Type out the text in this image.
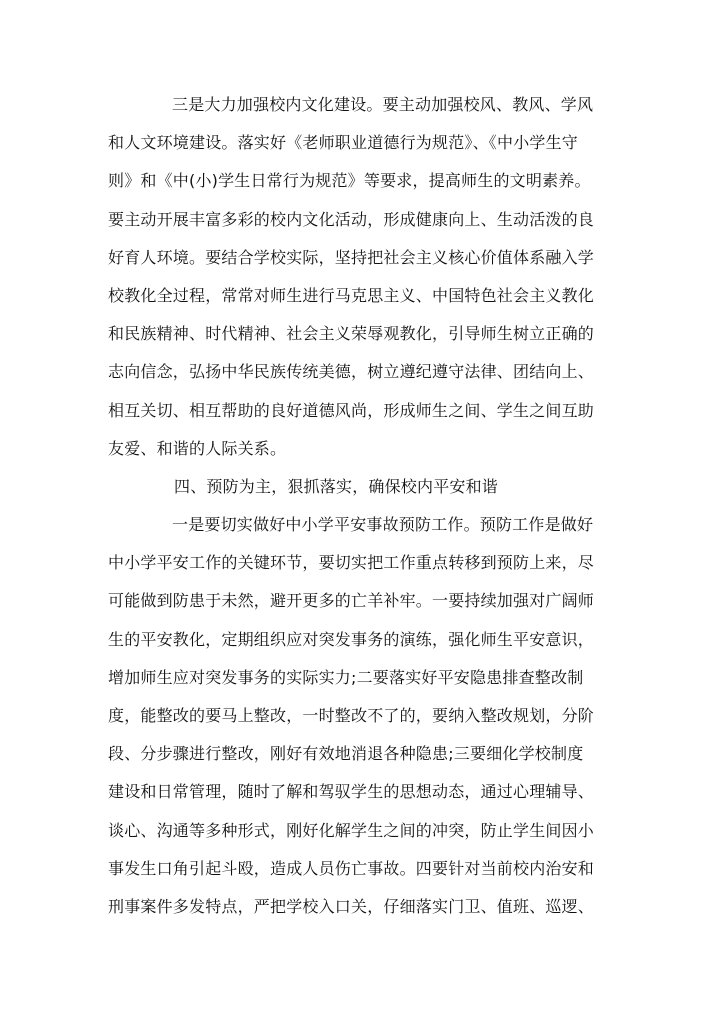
三是大力加强校内文化建设。要主动加强校风、教风、学风
和人文环境建设。落实好《老师职业道德行为规范》、《中小学生守
则》和《中(小)学生日常行为规范》等要求，提高师生的文明素养。
要主动开展丰富多彩的校内文化活动，形成健康向上、生动活泼的良
好育人环境。要结合学校实际，坚持把社会主义核心价值体系融入学
校教化全过程，常常对师生进行马克思主义、中国特色社会主义教化
和民族精神、时代精神、社会主义荣辱观教化，引导师生树立正确的
志向信念，弘扬中华民族传统美德，树立遵纪遵守法律、团结向上、
相互关切、相互帮助的良好道德风尚，形成师生之间、学生之间互助
友爱、和谐的人际关系。
四、预防为主，狠抓落实，确保校内平安和谐
一是要切实做好中小学平安事故预防工作。预防工作是做好
中小学平安工作的关键环节，要切实把工作重点转移到预防上来，尽
可能做到防患于未然，避开更多的亡羊补牢。一要持续加强对广阔师
生的平安教化，定期组织应对突发事务的演练，强化师生平安意识，
增加师生应对突发事务的实际实力;二要落实好平安隐患排查整改制
度，能整改的要马上整改，一时整改不了的，要纳入整改规划，分阶
段、分步骤进行整改，刚好有效地消退各种隐患;三要细化学校制度
建设和日常管理，随时了解和驾驭学生的思想动态，通过心理辅导、
谈心、沟通等多种形式，刚好化解学生之间的冲突，防止学生间因小
事发生口角引起斗殴，造成人员伤亡事故。四要针对当前校内治安和
刑事案件多发特点，严把学校入口关，仔细落实门卫、值班、巡逻、
